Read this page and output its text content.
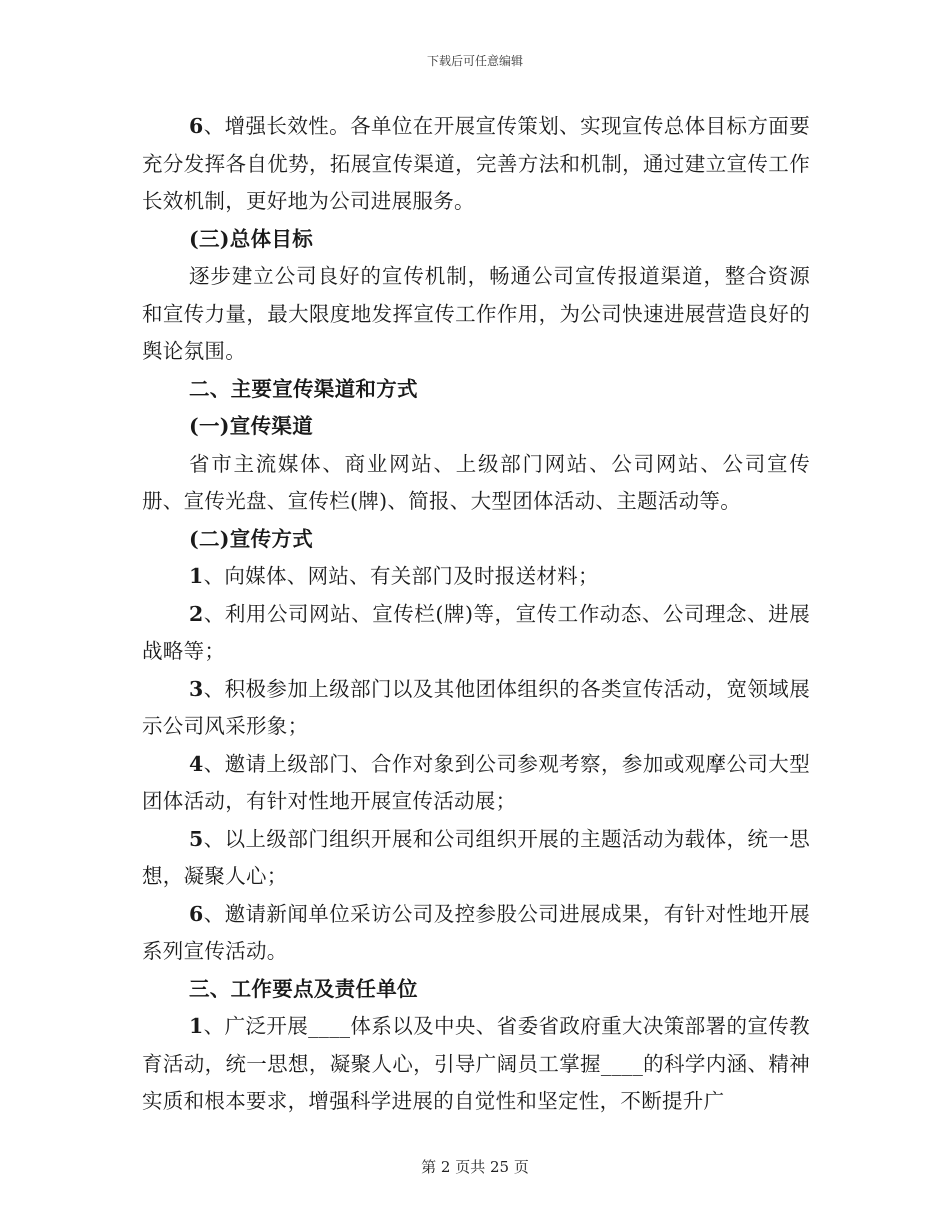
下载后可任意编辑

6、增强长效性。各单位在开展宣传策划、实现宣传总体目标方面要充分发挥各自优势，拓展宣传渠道，完善方法和机制，通过建立宣传工作长效机制，更好地为公司进展服务。

(三)总体目标

逐步建立公司良好的宣传机制，畅通公司宣传报道渠道，整合资源和宣传力量，最大限度地发挥宣传工作作用，为公司快速进展营造良好的舆论氛围。

二、主要宣传渠道和方式

(一)宣传渠道

省市主流媒体、商业网站、上级部门网站、公司网站、公司宣传册、宣传光盘、宣传栏(牌)、简报、大型团体活动、主题活动等。

(二)宣传方式

1、向媒体、网站、有关部门及时报送材料；

2、利用公司网站、宣传栏(牌)等，宣传工作动态、公司理念、进展战略等；

3、积极参加上级部门以及其他团体组织的各类宣传活动，宽领域展示公司风采形象；

4、邀请上级部门、合作对象到公司参观考察，参加或观摩公司大型团体活动，有针对性地开展宣传活动展；

5、以上级部门组织开展和公司组织开展的主题活动为载体，统一思想，凝聚人心；

6、邀请新闻单位采访公司及控参股公司进展成果，有针对性地开展系列宣传活动。

三、工作要点及责任单位

1、广泛开展____体系以及中央、省委省政府重大决策部署的宣传教育活动，统一思想，凝聚人心，引导广阔员工掌握____的科学内涵、精神实质和根本要求，增强科学进展的自觉性和坚定性，不断提升广

第 2 页共 25 页
